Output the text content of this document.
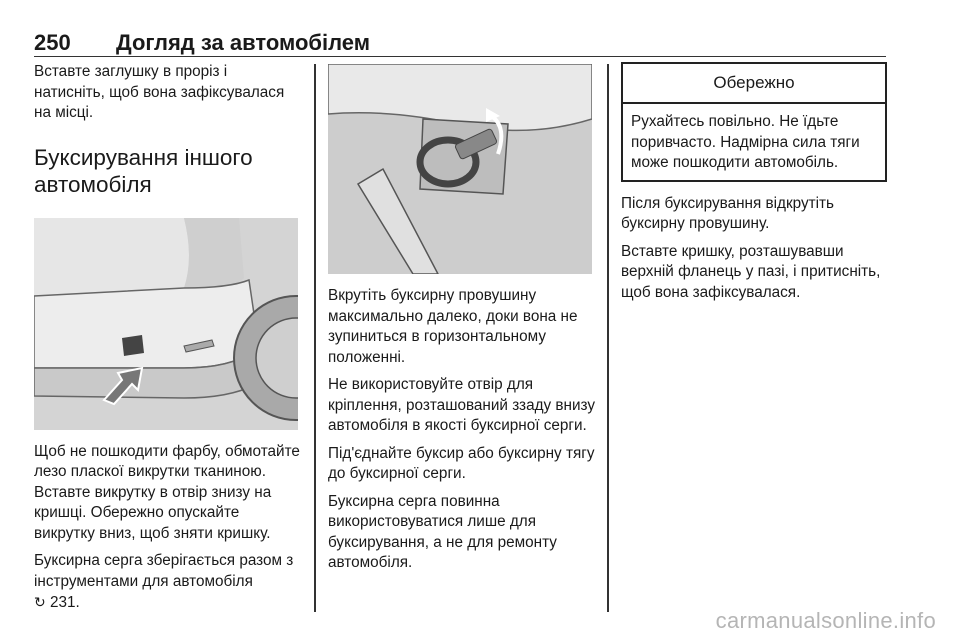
250 Догляд за автомобілем

Вставте заглушку в проріз і натисніть, щоб вона зафіксувалася на місці.

Буксирування іншого автомобіля

Щоб не пошкодити фарбу, обмотайте лезо пласкої викрутки тканиною. Вставте викрутку в отвір знизу на кришці. Обережно опускайте викрутку вниз, щоб зняти кришку.

Буксирна серга зберігається разом з інструментами для автомобіля
↻ 231.

Вкрутіть буксирну провушину максимально далеко, доки вона не зупиниться в горизонтальному положенні.

Не використовуйте отвір для кріплення, розташований ззаду внизу автомобіля в якості буксирної серги.

Під'єднайте буксир або буксирну тягу до буксирної серги.

Буксирна серга повинна використовуватися лише для буксирування, а не для ремонту автомобіля.

Обережно
Рухайтесь повільно. Не їдьте поривчасто. Надмірна сила тяги може пошкодити автомобіль.

Після буксирування відкрутіть буксирну провушину.

Вставте кришку, розташувавши верхній фланець у пазі, і притисніть, щоб вона зафіксувалася.

carmanualsonline.info
